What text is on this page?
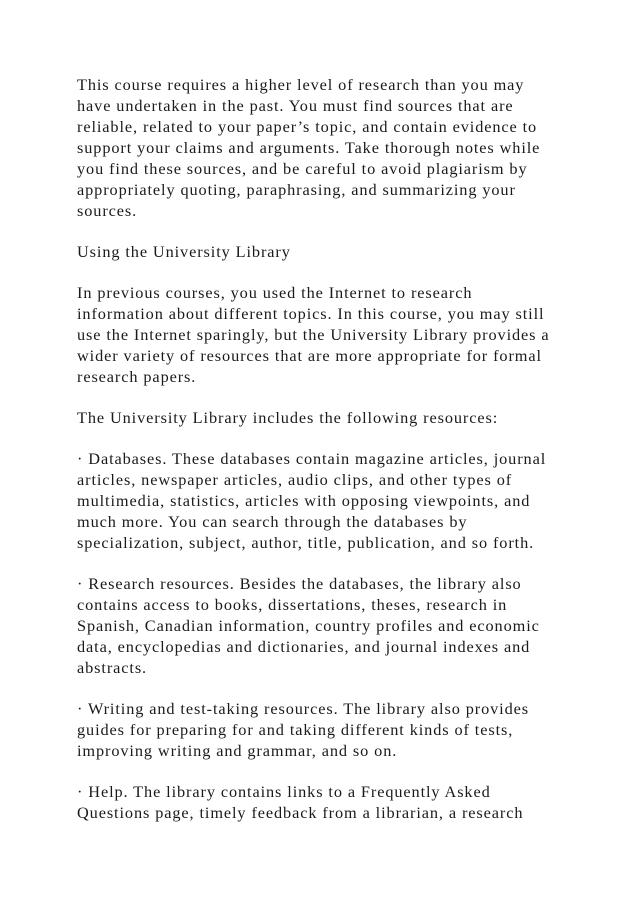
This course requires a higher level of research than you may
have undertaken in the past. You must find sources that are
reliable, related to your paper’s topic, and contain evidence to
support your claims and arguments. Take thorough notes while
you find these sources, and be careful to avoid plagiarism by
appropriately quoting, paraphrasing, and summarizing your
sources.
Using the University Library
In previous courses, you used the Internet to research
information about different topics. In this course, you may still
use the Internet sparingly, but the University Library provides a
wider variety of resources that are more appropriate for formal
research papers.
The University Library includes the following resources:
· Databases. These databases contain magazine articles, journal
articles, newspaper articles, audio clips, and other types of
multimedia, statistics, articles with opposing viewpoints, and
much more. You can search through the databases by
specialization, subject, author, title, publication, and so forth.
· Research resources. Besides the databases, the library also
contains access to books, dissertations, theses, research in
Spanish, Canadian information, country profiles and economic
data, encyclopedias and dictionaries, and journal indexes and
abstracts.
· Writing and test-taking resources. The library also provides
guides for preparing for and taking different kinds of tests,
improving writing and grammar, and so on.
· Help. The library contains links to a Frequently Asked
Questions page, timely feedback from a librarian, a research
